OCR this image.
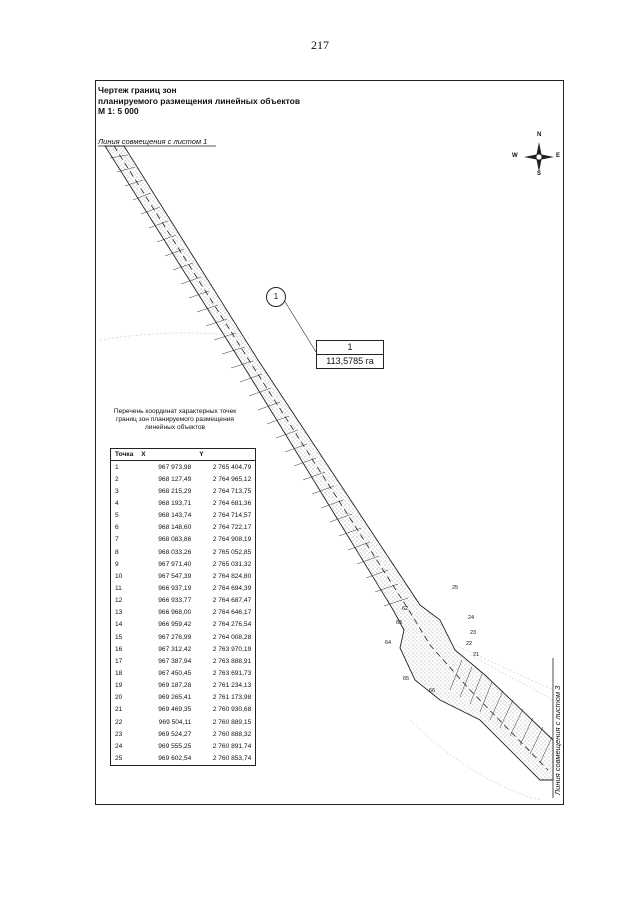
217
Чертеж границ зон
планируемого размещения линейных объектов
М 1: 5 000
Линия совмещения с листом 1
Линия совмещения с листом 3
1
1
113,5785 га
N
S
W	E
25
62
24
63
23
64	22
21
65
66
Перечень координат характерных точек границ зон планируемого размещения линейных объектов
Точка	X	Y
1	967 973,98	2 765 404,79
2	968 127,49	2 764 965,12
3	968 215,29	2 764 713,75
4	968 193,71	2 764 681,36
5	968 143,74	2 764 714,57
6	968 148,60	2 764 722,17
7	968 083,86	2 764 908,19
8	968 033,26	2 765 052,85
9	967 971,40	2 765 031,32
10	967 547,39	2 764 824,80
11	966 937,19	2 764 694,39
12	966 933,77	2 764 687,47
13	966 968,00	2 764 646,17
14	966 959,42	2 764 276,54
15	967 276,99	2 764 008,28
16	967 312,42	2 763 970,19
17	967 387,94	2 763 888,91
18	967 450,45	2 763 691,73
19	969 187,28	2 761 234,13
20	969 265,41	2 761 173,98
21	969 469,35	2 760 930,68
22	969 504,11	2 760 889,15
23	969 524,27	2 760 888,32
24	969 555,25	2 760 891,74
25	969 602,54	2 760 853,74
